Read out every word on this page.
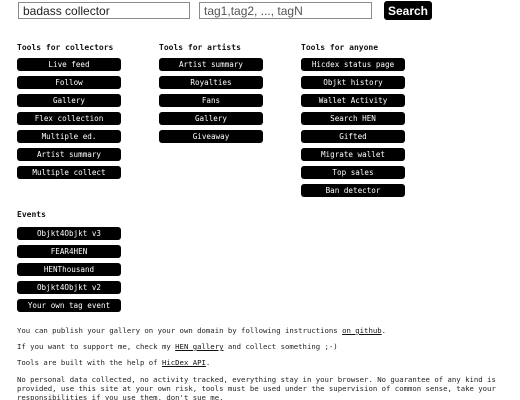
badass collector
tag1,tag2, ..., tagN
Search
Tools for collectors
Live feed
Follow
Gallery
Flex collection
Multiple ed.
Artist summary
Multiple collect
Tools for artists
Artist summary
Royalties
Fans
Gallery
Giveaway
Tools for anyone
Hicdex status page
Objkt history
Wallet Activity
Search HEN
Gifted
Migrate wallet
Top sales
Ban detector
Events
Objkt4Objkt v3
FEAR4HEN
HENThousand
Objkt4Objkt v2
Your own tag event

You can publish your gallery on your own domain by following instructions on github.

If you want to support me, check my HEN gallery and collect something ;-)

Tools are built with the help of HicDex API.

No personal data collected, no activity tracked, everything stay in your browser. No guarantee of any kind is provided, use this site at your own risk, tools must be used under the supervision of common sense, take your responsibilities if you use them, don't sue me.
